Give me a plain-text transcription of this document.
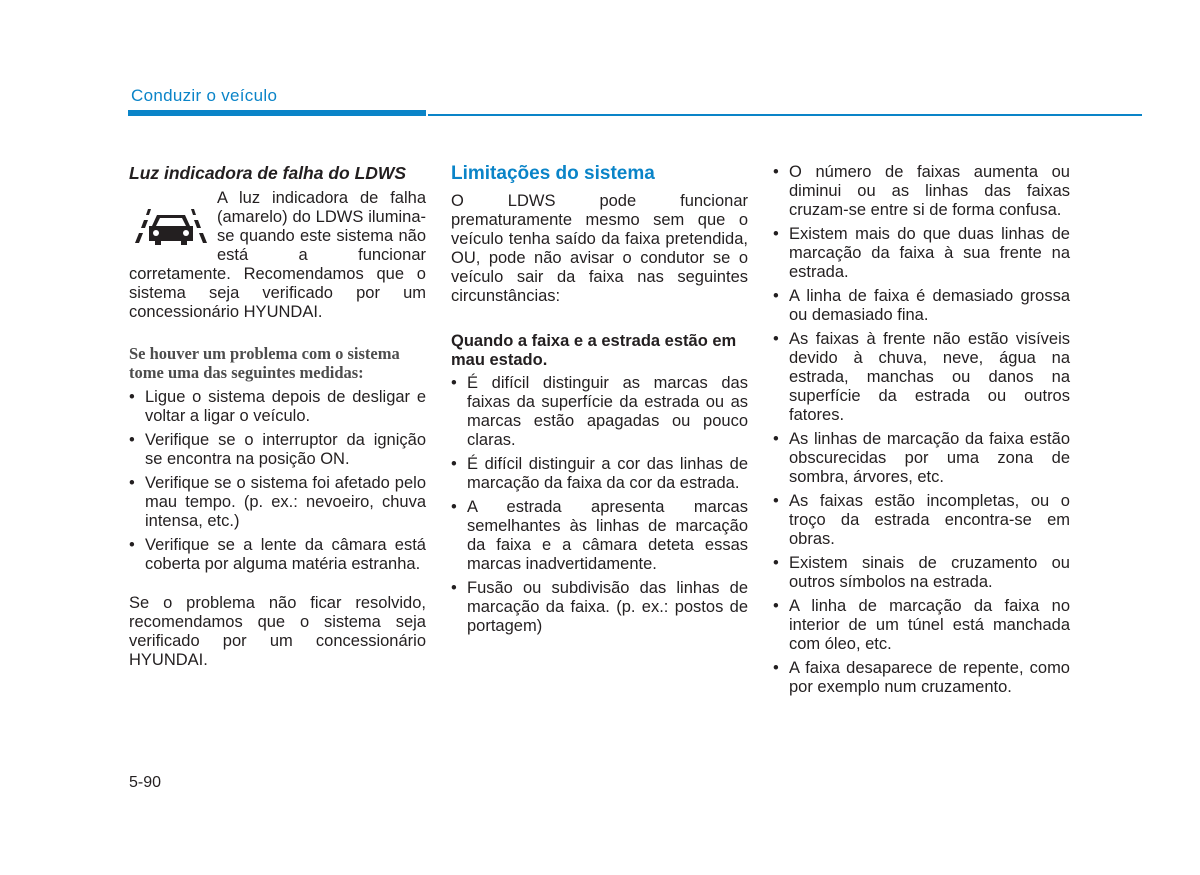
Conduzir o veículo
Luz indicadora de falha do LDWS
A luz indicadora de falha (amarelo) do LDWS ilumina-se quando este sistema não está a funcionar corretamente. Recomendamos que o sistema seja verificado por um concessionário HYUNDAI.
Se houver um problema com o sistema tome uma das seguintes medidas:
• Ligue o sistema depois de desligar e voltar a ligar o veículo.
• Verifique se o interruptor da ignição se encontra na posição ON.
• Verifique se o sistema foi afetado pelo mau tempo. (p. ex.: nevoeiro, chuva intensa, etc.)
• Verifique se a lente da câmara está coberta por alguma matéria estranha.

Se o problema não ficar resolvido, recomendamos que o sistema seja verificado por um concessionário HYUNDAI.

Limitações do sistema

O LDWS pode funcionar prematuramente mesmo sem que o veículo tenha saído da faixa pretendida, OU, pode não avisar o condutor se o veículo sair da faixa nas seguintes circunstâncias:

Quando a faixa e a estrada estão em mau estado.
• É difícil distinguir as marcas das faixas da superfície da estrada ou as marcas estão apagadas ou pouco claras.
• É difícil distinguir a cor das linhas de marcação da faixa da cor da estrada.
• A estrada apresenta marcas semelhantes às linhas de marcação da faixa e a câmara deteta essas marcas inadvertidamente.
• Fusão ou subdivisão das linhas de marcação da faixa. (p. ex.: postos de portagem)
• O número de faixas aumenta ou diminui ou as linhas das faixas cruzam-se entre si de forma confusa.
• Existem mais do que duas linhas de marcação da faixa à sua frente na estrada.
• A linha de faixa é demasiado grossa ou demasiado fina.
• As faixas à frente não estão visíveis devido à chuva, neve, água na estrada, manchas ou danos na superfície da estrada ou outros fatores.
• As linhas de marcação da faixa estão obscurecidas por uma zona de sombra, árvores, etc.
• As faixas estão incompletas, ou o troço da estrada encontra-se em obras.
• Existem sinais de cruzamento ou outros símbolos na estrada.
• A linha de marcação da faixa no interior de um túnel está manchada com óleo, etc.
• A faixa desaparece de repente, como por exemplo num cruzamento.
5-90
